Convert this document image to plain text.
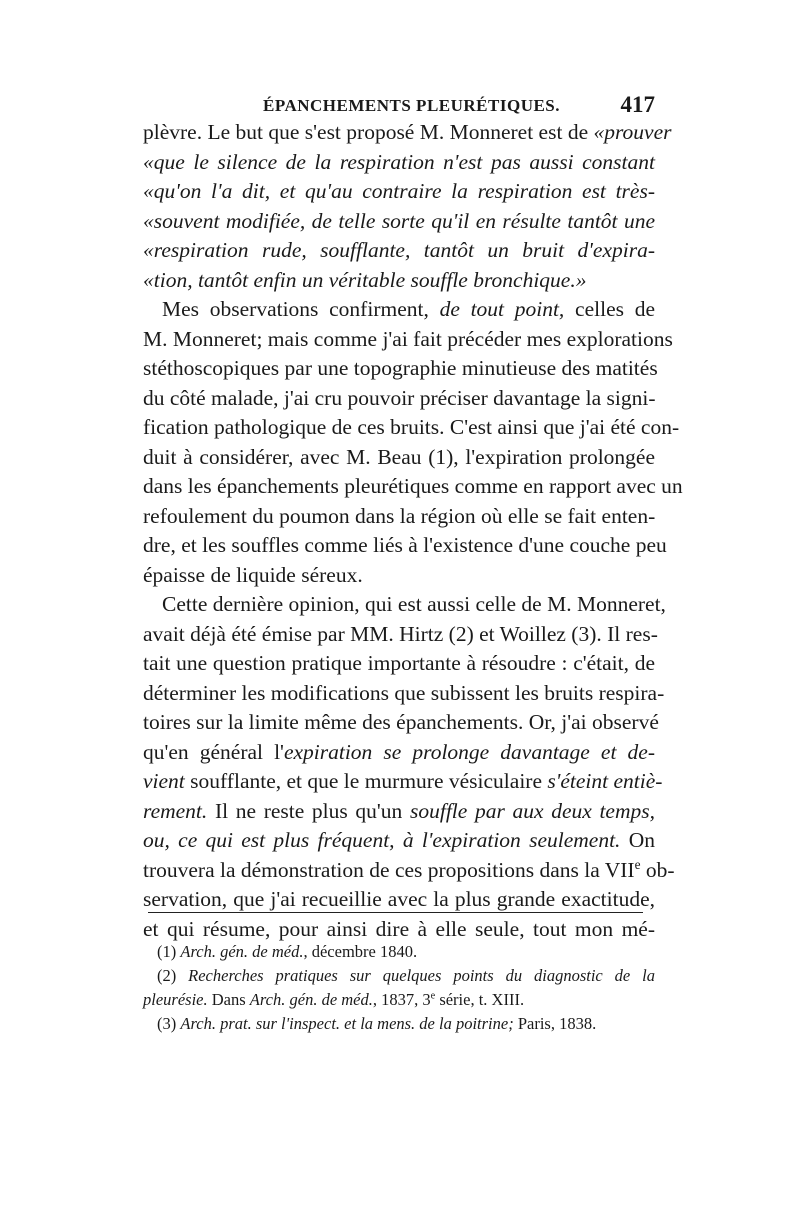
ÉPANCHEMENTS PLEURÉTIQUES.	417
plèvre. Le but que s'est proposé M. Monneret est de «prouver
«que le silence de la respiration n'est pas aussi constant
«qu'on l'a dit, et qu'au contraire la respiration est très-
«souvent modifiée, de telle sorte qu'il en résulte tantôt une
«respiration rude, soufflante, tantôt un bruit d'expira-
«tion, tantôt enfin un véritable souffle bronchique.»
Mes observations confirment, de tout point, celles de
M. Monneret; mais comme j'ai fait précéder mes explorations
stéthoscopiques par une topographie minutieuse des matités
du côté malade, j'ai cru pouvoir préciser davantage la signi-
fication pathologique de ces bruits. C'est ainsi que j'ai été con-
duit à considérer, avec M. Beau (1), l'expiration prolongée
dans les épanchements pleurétiques comme en rapport avec un
refoulement du poumon dans la région où elle se fait enten-
dre, et les souffles comme liés à l'existence d'une couche peu
épaisse de liquide séreux.
Cette dernière opinion, qui est aussi celle de M. Monneret,
avait déjà été émise par MM. Hirtz (2) et Woillez (3). Il res-
tait une question pratique importante à résoudre : c'était, de
déterminer les modifications que subissent les bruits respira-
toires sur la limite même des épanchements. Or, j'ai observé
qu'en général l'expiration se prolonge davantage et de-
vient soufflante, et que le murmure vésiculaire s'éteint entiè-
rement. Il ne reste plus qu'un souffle par aux deux temps,
ou, ce qui est plus fréquent, à l'expiration seulement. On
trouvera la démonstration de ces propositions dans la VIIe ob-
servation, que j'ai recueillie avec la plus grande exactitude,
et qui résume, pour ainsi dire à elle seule, tout mon mé-
(1) Arch. gén. de méd., décembre 1840.
(2) Recherches pratiques sur quelques points du diagnostic de la
pleurésie. Dans Arch. gén. de méd., 1837, 3e série, t. XIII.
(3) Arch. prat. sur l'inspect. et la mens. de la poitrine; Paris, 1838.
